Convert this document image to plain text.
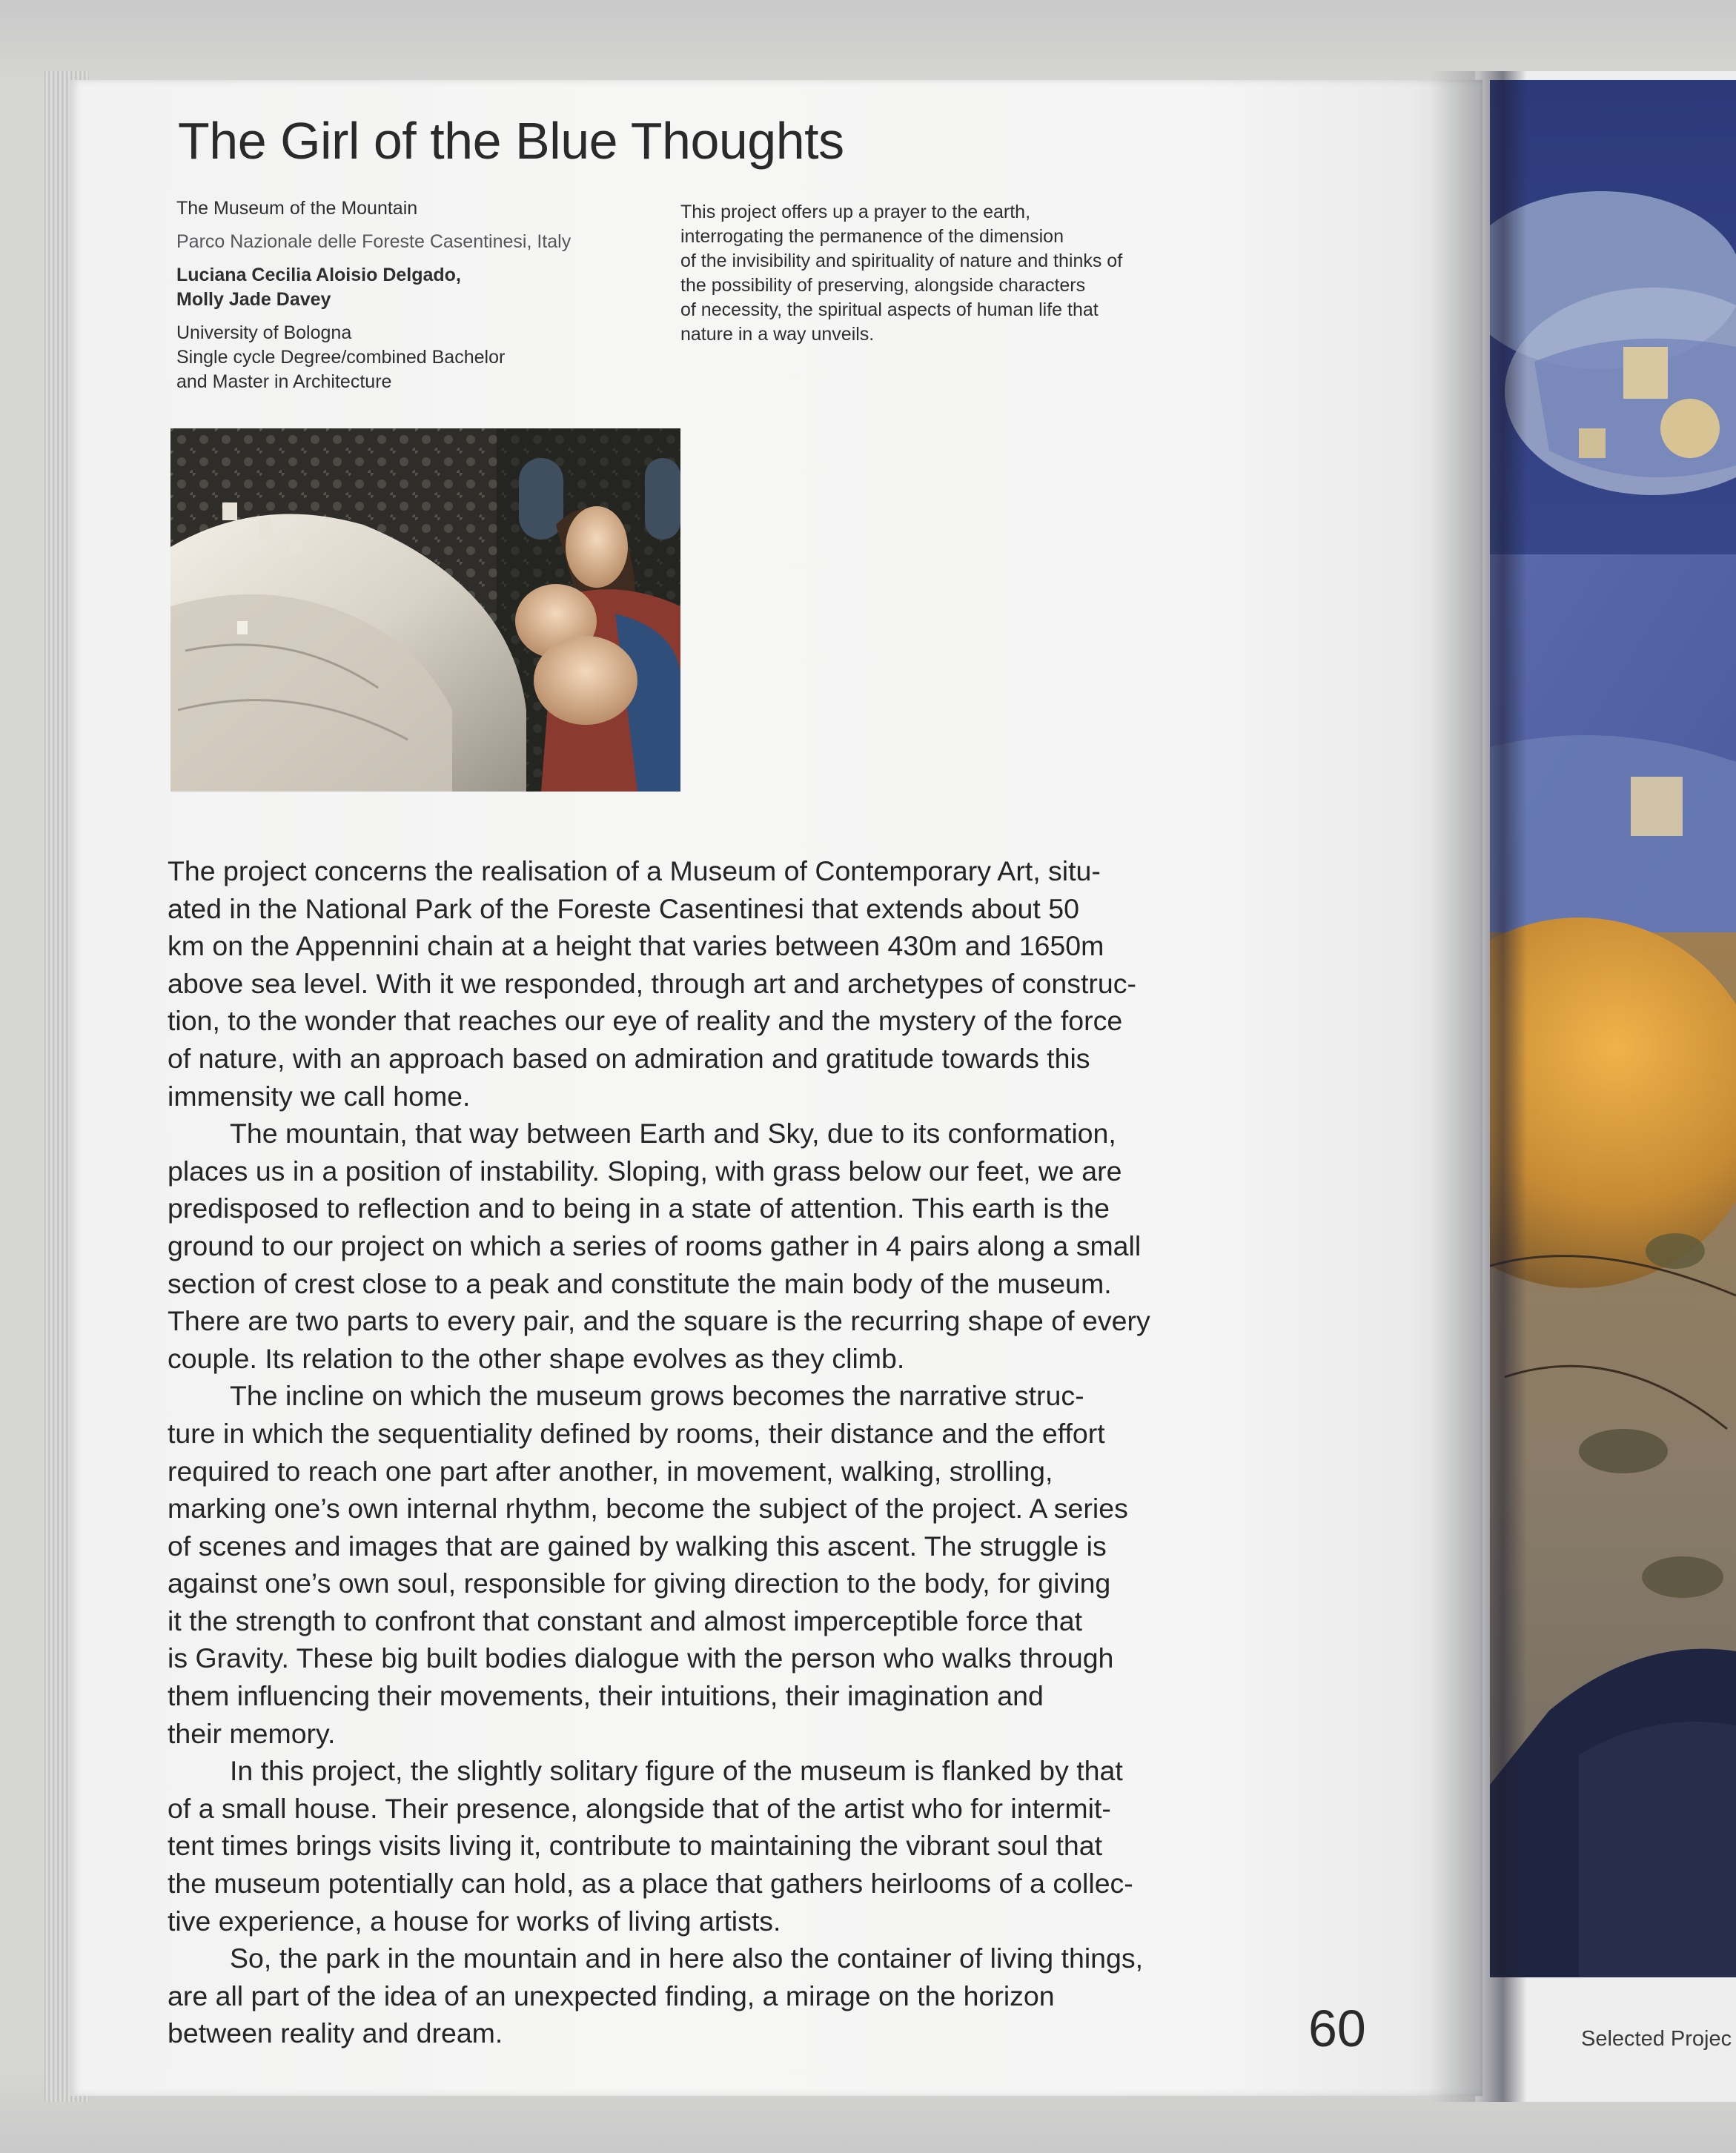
The Girl of the Blue Thoughts
The Museum of the Mountain
Parco Nazionale delle Foreste Casentinesi, Italy
Luciana Cecilia Aloisio Delgado,
Molly Jade Davey
University of Bologna
Single cycle Degree/combined Bachelor
and Master in Architecture
This project offers up a prayer to the earth,
interrogating the permanence of the dimension
of the invisibility and spirituality of nature and thinks of
the possibility of preserving, alongside characters
of necessity, the spiritual aspects of human life that
nature in a way unveils.
The project concerns the realisation of a Museum of Contemporary Art, situ-
ated in the National Park of the Foreste Casentinesi that extends about 50
km on the Appennini chain at a height that varies between 430m and 1650m
above sea level. With it we responded, through art and archetypes of construc-
tion, to the wonder that reaches our eye of reality and the mystery of the force
of nature, with an approach based on admiration and gratitude towards this
immensity we call home.
The mountain, that way between Earth and Sky, due to its conformation,
places us in a position of instability. Sloping, with grass below our feet, we are
predisposed to reflection and to being in a state of attention. This earth is the
ground to our project on which a series of rooms gather in 4 pairs along a small
section of crest close to a peak and constitute the main body of the museum.
There are two parts to every pair, and the square is the recurring shape of every
couple. Its relation to the other shape evolves as they climb.
The incline on which the museum grows becomes the narrative struc-
ture in which the sequentiality defined by rooms, their distance and the effort
required to reach one part after another, in movement, walking, strolling,
marking one’s own internal rhythm, become the subject of the project. A series
of scenes and images that are gained by walking this ascent. The struggle is
against one’s own soul, responsible for giving direction to the body, for giving
it the strength to confront that constant and almost imperceptible force that
is Gravity. These big built bodies dialogue with the person who walks through
them influencing their movements, their intuitions, their imagination and
their memory.
In this project, the slightly solitary figure of the museum is flanked by that
of a small house. Their presence, alongside that of the artist who for intermit-
tent times brings visits living it, contribute to maintaining the vibrant soul that
the museum potentially can hold, as a place that gathers heirlooms of a collec-
tive experience, a house for works of living artists.
So, the park in the mountain and in here also the container of living things,
are all part of the idea of an unexpected finding, a mirage on the horizon
between reality and dream.	60	Selected Projec
